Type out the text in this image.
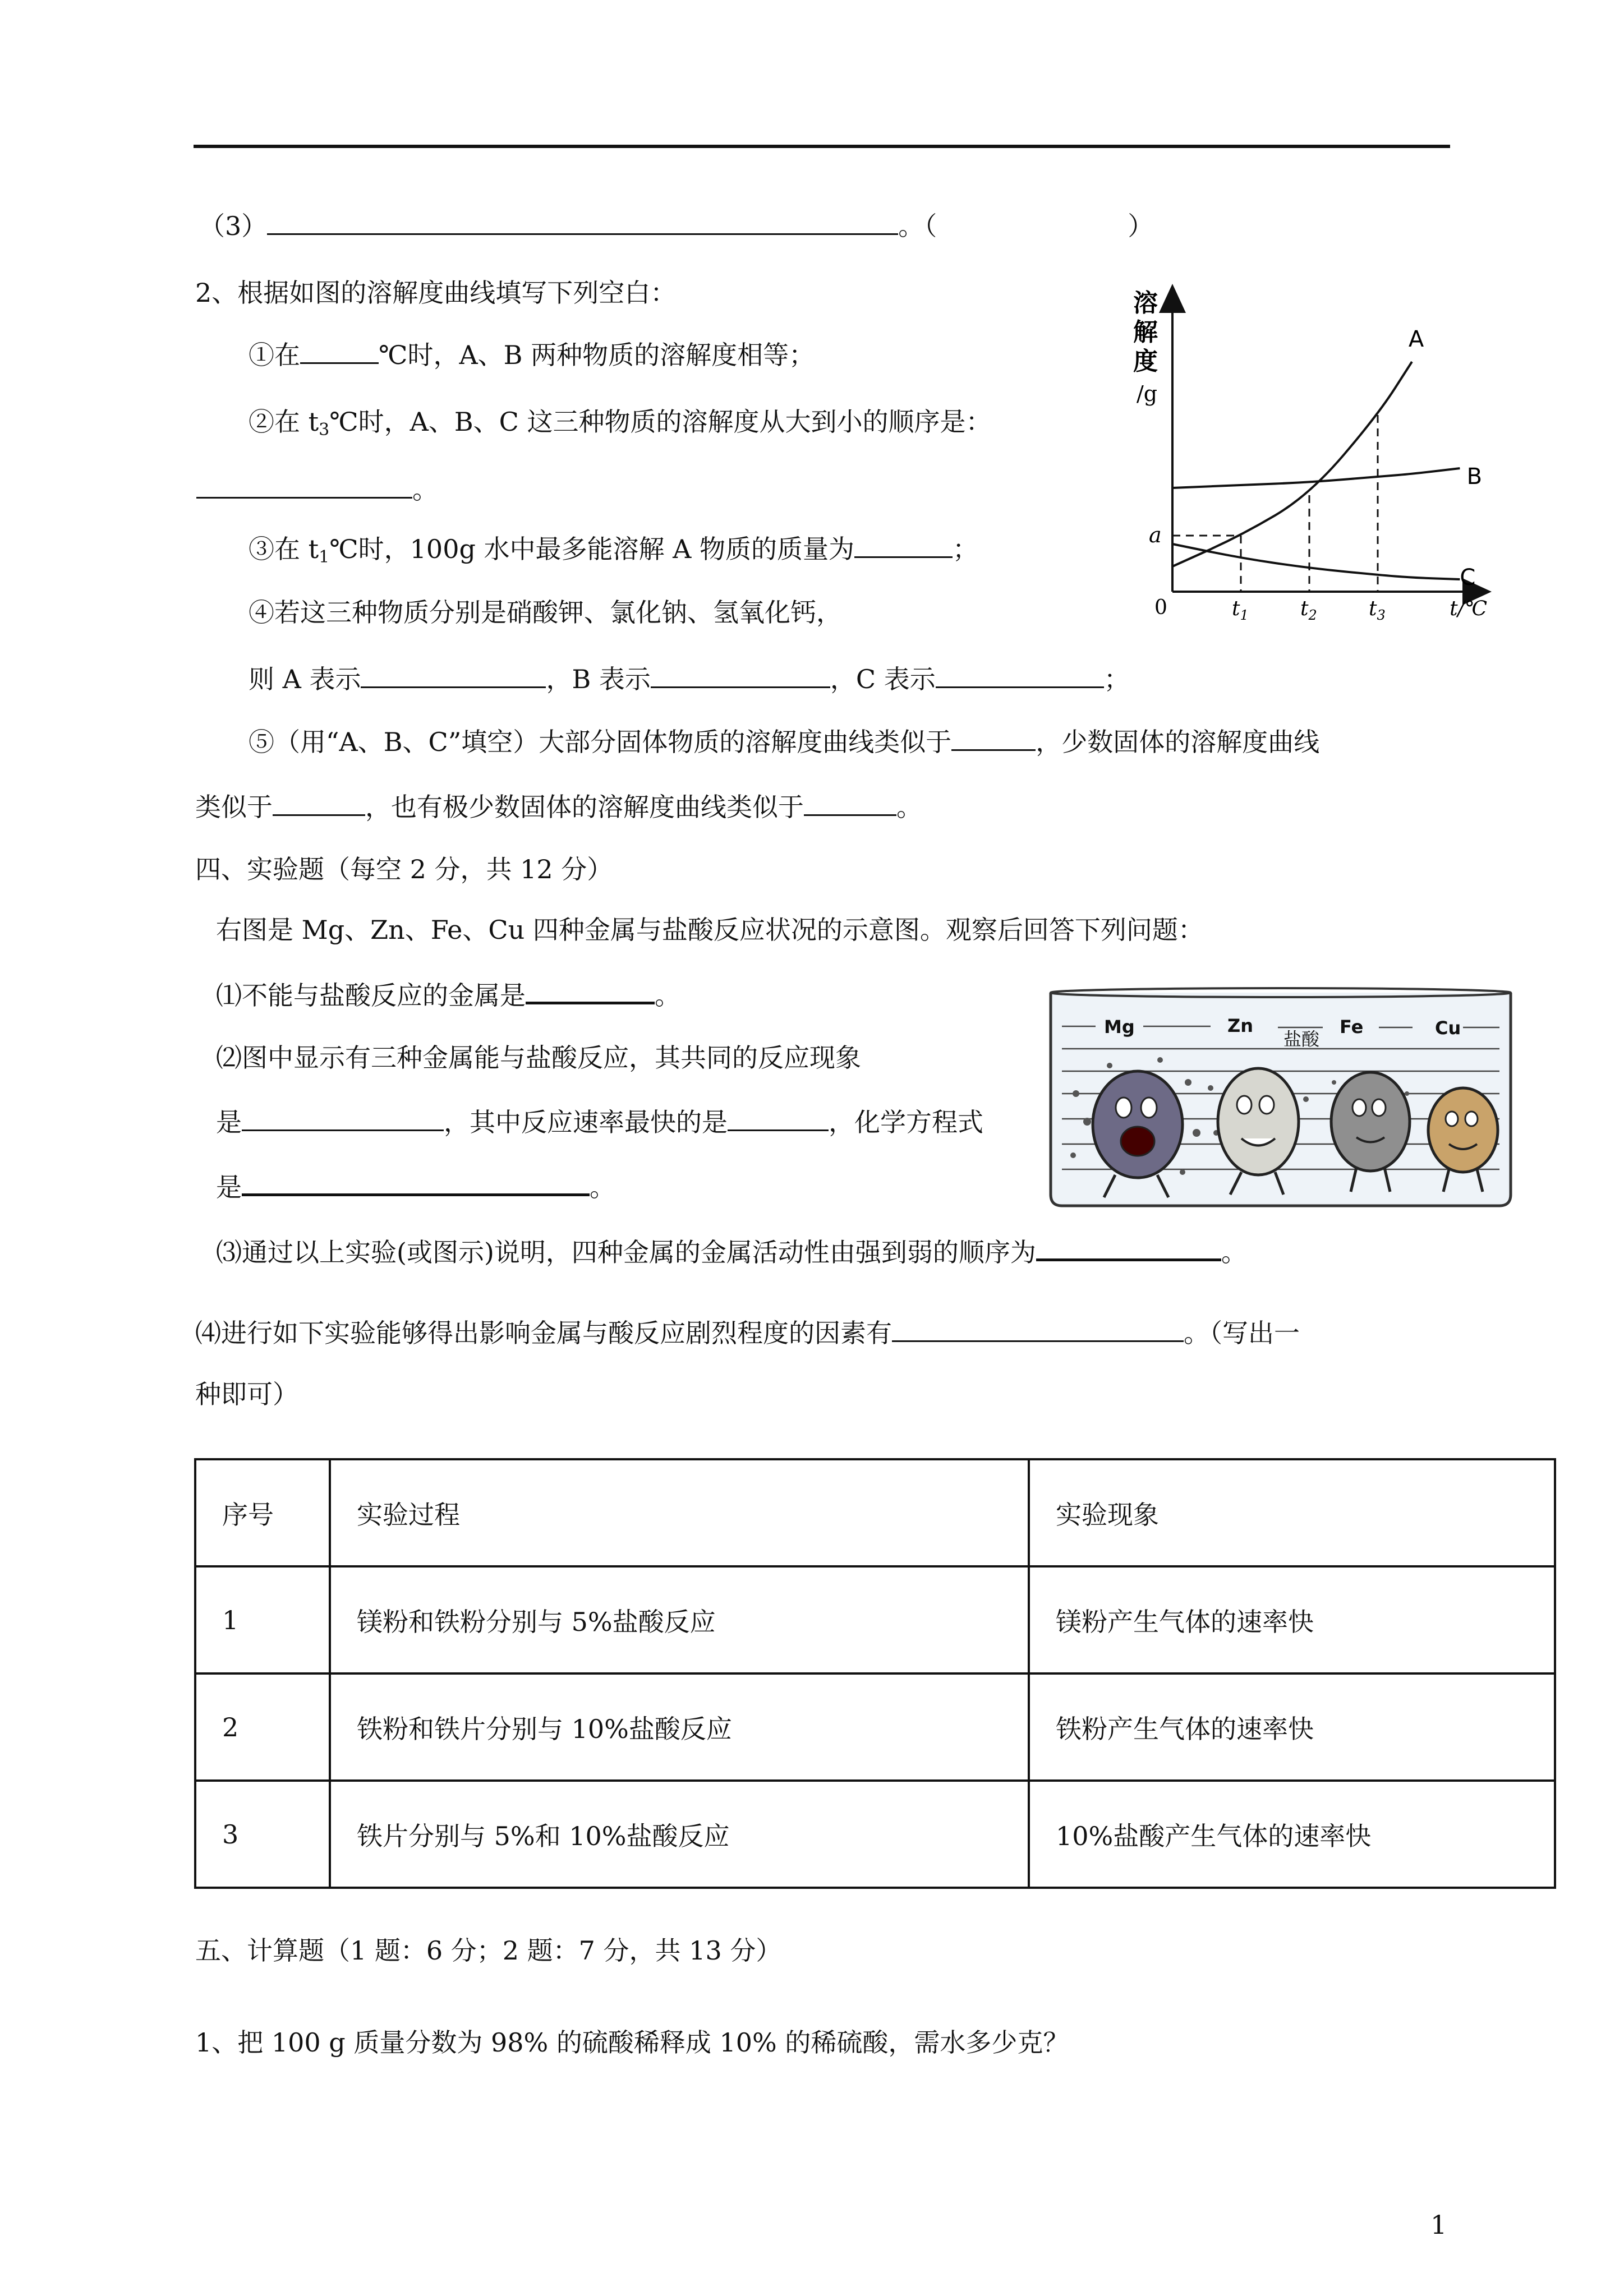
（3）	。（	）
2、根据如图的溶解度曲线填写下列空白：
①在	℃时，A、B 两种物质的溶解度相等；
②在 $t_3℃$时，A、B、C 这三种物质的溶解度从大到小的顺序是：
。
③在 $t_1℃$时，100g 水中最多能溶解 A 物质的质量为	；
④若这三种物质分别是硝酸钾、氯化钠、氢氧化钙，
则 A 表示	，B 表示	，C 表示	；
⑤（用“A、B、C”填空）大部分固体物质的溶解度曲线类似于	，少数固体的溶解度曲线
类似于	，也有极少数固体的溶解度曲线类似于	。
溶
解
度
/g
A
B
C
$t_1$	$t_2$	$t_3$
0
a
t/℃
四、实验题（每空 2 分，共 12 分）
右图是 Mg、Zn、Fe、Cu 四种金属与盐酸反应状况的示意图。观察后回答下列问题：
⑴不能与盐酸反应的金属是	。
⑵图中显示有三种金属能与盐酸反应，其共同的反应现象
是	，其中反应速率最快的是	，化学方程式
是	。
⑶通过以上实验(或图示)说明，四种金属的金属活动性由强到弱的顺序为	。
⑷进行如下实验能够得出影响金属与酸反应剧烈程度的因素有	。（写出一
种即可）
Mg	Zn
盐酸
Fe	Cu
序号	实验过程	实验现象
1	镁粉和铁粉分别与 5%盐酸反应	镁粉产生气体的速率快
2	铁粉和铁片分别与 10%盐酸反应	铁粉产生气体的速率快
3	铁片分别与 5%和 10%盐酸反应	10%盐酸产生气体的速率快
五、计算题（1 题：6 分；2 题：7 分，共 13 分）
1、把 100 g 质量分数为 98% 的硫酸稀释成 10% 的稀硫酸，需水多少克？
1
